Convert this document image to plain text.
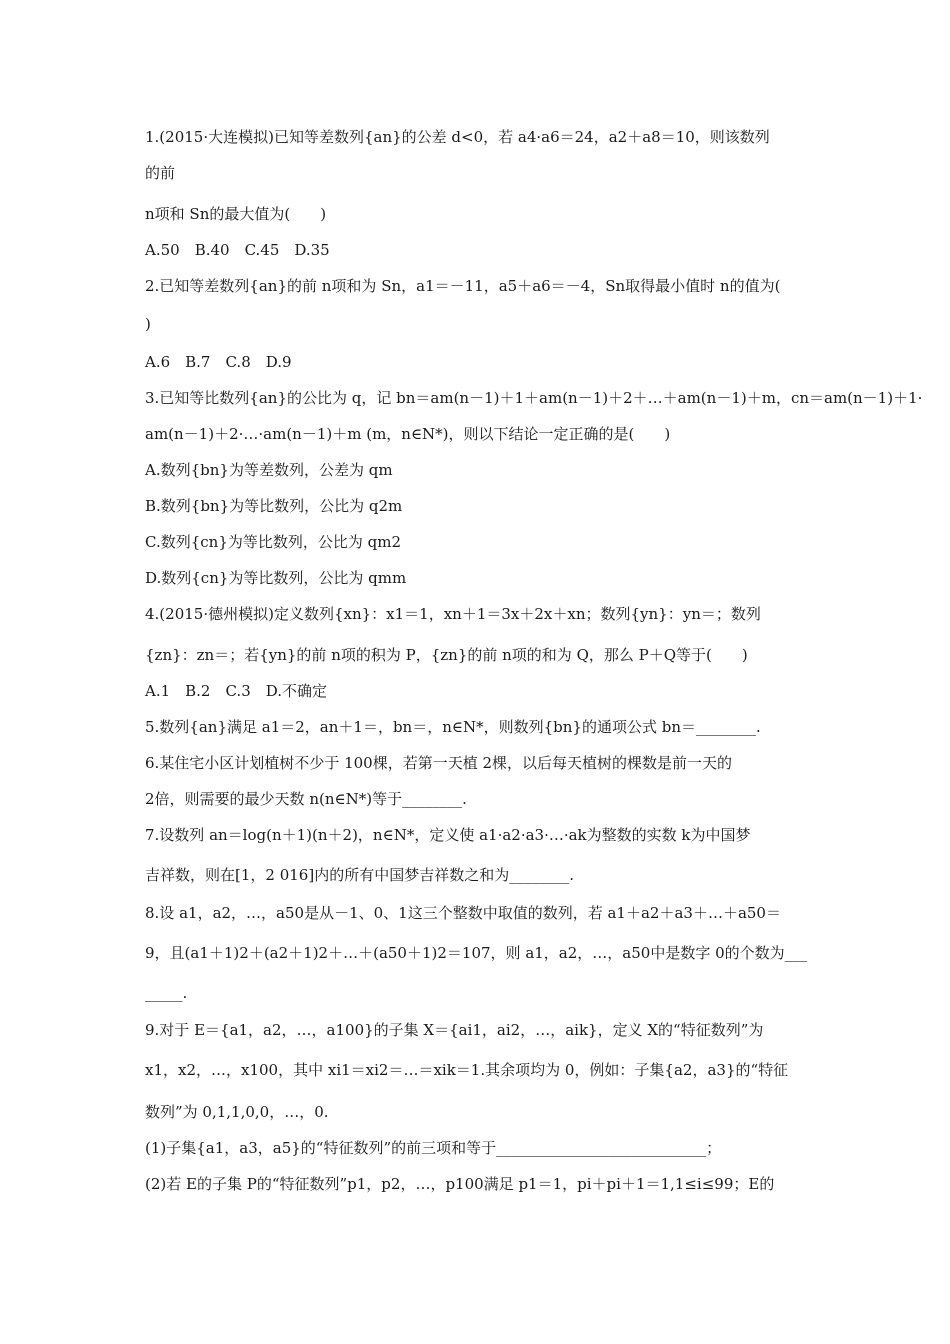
1.(2015·大连模拟)已知等差数列{an}的公差 d<0，若 a4·a6＝24，a2＋a8＝10，则该数列
的前
n项和 Sn的最大值为(　　)
A.50　B.40　C.45　D.35
2.已知等差数列{an}的前 n项和为 Sn，a1＝－11，a5＋a6＝－4，Sn取得最小值时 n的值为(
)
A.6　B.7　C.8　D.9
3.已知等比数列{an}的公比为 q，记 bn＝am(n－1)＋1＋am(n－1)＋2＋…＋am(n－1)＋m，cn＝am(n－1)＋1·
am(n－1)＋2·…·am(n－1)＋m (m，n∈N*)，则以下结论一定正确的是(　　)
A.数列{bn}为等差数列，公差为 qm
B.数列{bn}为等比数列，公比为 q2m
C.数列{cn}为等比数列，公比为 qm2
D.数列{cn}为等比数列，公比为 qmm
4.(2015·德州模拟)定义数列{xn}：x1＝1，xn＋1＝3x＋2x＋xn；数列{yn}：yn＝；数列
{zn}：zn＝；若{yn}的前 n项的积为 P，{zn}的前 n项的和为 Q，那么 P＋Q等于(　　)
A.1　B.2　C.3　D.不确定
5.数列{an}满足 a1＝2，an＋1＝，bn＝，n∈N*，则数列{bn}的通项公式 bn＝________.
6.某住宅小区计划植树不少于 100棵，若第一天植 2棵，以后每天植树的棵数是前一天的
2倍，则需要的最少天数 n(n∈N*)等于________.
7.设数列 an＝log(n＋1)(n＋2)，n∈N*，定义使 a1·a2·a3·…·ak为整数的实数 k为中国梦
吉祥数，则在[1，2 016]内的所有中国梦吉祥数之和为________.
8.设 a1，a2，…，a50是从－1、0、1这三个整数中取值的数列，若 a1＋a2＋a3＋…＋a50＝
9，且(a1＋1)2＋(a2＋1)2＋…＋(a50＋1)2＝107，则 a1，a2，…，a50中是数字 0的个数为___
_____.
9.对于 E＝{a1，a2，…，a100}的子集 X＝{ai1，ai2，…，aik}，定义 X的“特征数列”为
x1，x2，…，x100，其中 xi1＝xi2＝…＝xik＝1.其余项均为 0，例如：子集{a2，a3}的“特征
数列”为 0,1,1,0,0，…，0.
(1)子集{a1，a3，a5}的“特征数列”的前三项和等于____________________________；
(2)若 E的子集 P的“特征数列”p1，p2，…，p100满足 p1＝1，pi＋pi＋1＝1,1≤i≤99；E的
